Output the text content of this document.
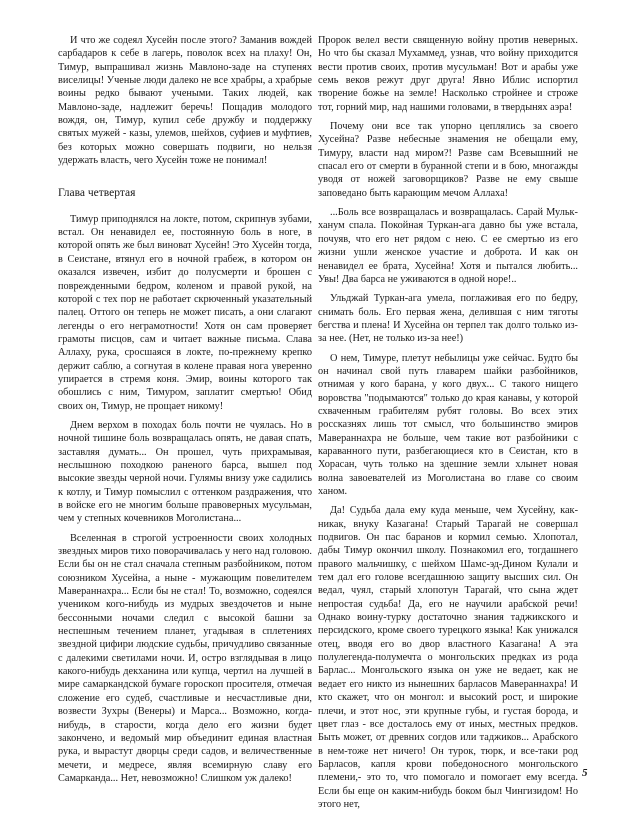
И что же содеял Хусейн после этого? Заманив вождей сарбадаров к себе в лагерь, поволок всех на плаху! Он, Тимур, выпрашивал жизнь Мавлоно-заде на ступенях виселицы! Ученые люди далеко не все храбры, а храбрые воины редко бывают учеными. Таких людей, как Мавлоно-заде, надлежит беречь! Пощадив молодого вождя, он, Тимур, купил себе дружбу и поддержку святых мужей - казы, улемов, шейхов, суфиев и муфтиев, без которых можно совершать подвиги, но нельзя удержать власть, чего Хусейн тоже не понимал!

Глава четвертая

Тимур приподнялся на локте, потом, скрипнув зубами, встал. Он ненавидел ее, постоянную боль в ноге, в которой опять же был виноват Хусейн! Это Хусейн тогда, в Сеистане, втянул его в ночной грабеж, в котором он оказался извечен, избит до полусмерти и брошен с поврежденными бедром, коленом и правой рукой, на которой с тех пор не работает скрюченный указательный палец. Оттого он теперь не может писать, а они слагают легенды о его неграмотности! Хотя он сам проверяет грамоты писцов, сам и читает важные письма. Слава Аллаху, рука, сросшаяся в локте, по-прежнему крепко держит саблю, а согнутая в колене правая нога уверенно упирается в стремя коня. Эмир, воины которого так обошлись с ним, Тимуром, заплатит смертью! Обид своих он, Тимур, не прощает никому!

Днем верхом в походах боль почти не чуялась. Но в ночной тишине боль возвращалась опять, не давая спать, заставляя думать... Он прошел, чуть прихрамывая, неслышною походкою раненого барса, вышел под высокие звезды черной ночи. Гулямы внизу уже садились к котлу, и Тимур помыслил с оттенком раздражения, что в войске его не многим больше правоверных мусульман, чем у степных кочевников Моголистана...

Вселенная в строгой устроенности своих холодных звездных миров тихо поворачивалась у него над головою. Если бы он не стал сначала степным разбойником, потом союзником Хусейна, а ныне - мужающим повелителем Мавераннахра... Если бы не стал! То, возможно, содеялся учеником кого-нибудь из мудрых звездочетов и ныне бессонными ночами следил с высокой башни за неспешным течением планет, угадывая в сплетениях звездной цифири людские судьбы, причудливо связанные с далекими светилами ночи. И, остро взглядывая в лицо какого-нибудь декханина или купца, чертил на лучшей в мире самаркандской бумаге гороскоп просителя, отмечая сложение его судеб, счастливые и несчастливые дни, возвести Зухры (Венеры) и Марса... Возможно, когда-нибудь, в старости, когда дело его жизни будет закончено, и ведомый мир объединит единая властная рука, и вырастут дворцы среди садов, и величественные мечети, и медресе, являя всемирную славу его Самарканда... Нет, невозможно! Слишком уж далеко!

Пророк велел вести священную войну против неверных. Но что бы сказал Мухаммед, узнав, что войну приходится вести против своих, против мусульман! Вот и арабы уже семь веков режут друг друга! Явно Иблис испортил творение божье на земле! Насколько стройнее и строже тот, горний мир, над нашими головами, в твердынях аэра!

Почему они все так упорно цеплялись за своего Хусейна? Разве небесные знамения не обещали ему, Тимуру, власти над миром?! Разве сам Всевышний не спасал его от смерти в буранной степи и в бою, многажды уводя от ножей заговорщиков? Разве не ему свыше заповедано быть карающим мечом Аллаха!

...Боль все возвращалась и возвращалась. Сарай Мульк-ханум спала. Покойная Туркан-ага давно бы уже встала, почуяв, что его нет рядом с нею. С ее смертью из его жизни ушли женское участие и доброта. И как он ненавидел ее брата, Хусейна! Хотя и пытался любить... Увы! Два барса не уживаются в одной норе!..

Ульджай Туркан-ага умела, поглаживая его по бедру, снимать боль. Его первая жена, делившая с ним тяготы бегства и плена! И Хусейна он терпел так долго только из-за нее. (Нет, не только из-за нее!)

О нем, Тимуре, плетут небылицы уже сейчас. Будто бы он начинал свой путь главарем шайки разбойников, отнимая у кого барана, у кого двух... С такого нищего воровства "подымаются" только до края канавы, у которой схваченным грабителям рубят головы. Во всех этих россказнях лишь тот смысл, что большинство эмиров Мавераннахра не больше, чем такие вот разбойники с караванного пути, разбегающиеся кто в Сеистан, кто в Хорасан, чуть только на здешние земли хлынет новая волна завоевателей из Моголистана во главе со своим ханом.

Да! Судьба дала ему куда меньше, чем Хусейну, как-никак, внуку Казагана! Старый Тарагай не совершал подвигов. Он пас баранов и кормил семью. Хлопотал, дабы Тимур окончил школу. Познакомил его, тогдашнего правого мальчишку, с шейхом Шамс-эд-Дином Кулали и тем дал его голове всегдашнюю защиту высших сил. Он ведал, чуял, старый хлопотун Тарагай, что сына ждет непростая судьба! Да, его не научили арабской речи! Однако воину-турку достаточно знания таджикского и персидского, кроме своего турецкого языка! Как унижался отец, вводя его во двор властного Казагана! А эта полулегенда-полумечта о монгольских предках из рода Барлас... Монгольского языка он уже не ведает, как не ведает его никто из нынешних барласов Мавераннахра! И кто скажет, что он монгол: и высокий рост, и широкие плечи, и этот нос, эти крупные губы, и густая борода, и цвет глаз - все досталось ему от иных, местных предков. Быть может, от древних согдов или таджиков... Арабского в нем-тоже нет ничего! Он турок, тюрк, и все-таки род Барласов, капля крови победоносного монгольского племени,- это то, что помогало и помогает ему всегда. Если бы еще он каким-нибудь боком был Чингизидом! Но этого нет,

5
